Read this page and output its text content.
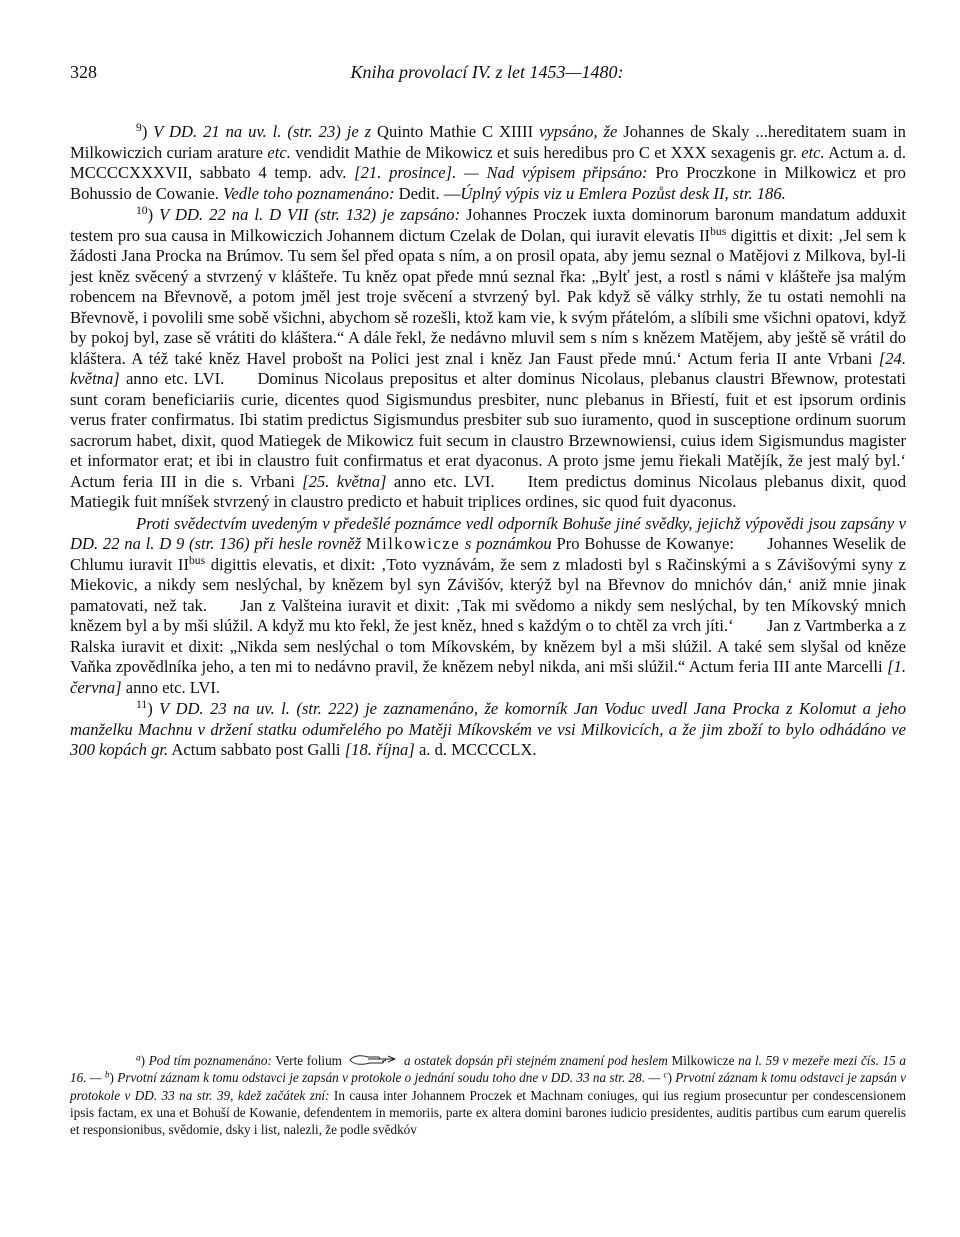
328	Kniha provolací IV. z let 1453—1480:

$^9$) V DD. 21 na uv. l. (str. 23) je z Quinto Mathie C XIIII vypsáno, že Johannes de Skaly ...hereditatem suam in Milkowiczich curiam arature etc. vendidit Mathie de Mikowicz et suis heredibus pro C et XXX sexagenis gr. etc. Actum a. d. MCCCCXXXVII, sabbato 4 temp. adv. [21. prosince]. — Nad výpisem připsáno: Pro Proczkone in Milkowicz et pro Bohussio de Cowanie. Vedle toho poznamenáno: Dedit. —Úplný výpis viz u Emlera Pozůst desk II, str. 186.

$^{10}$) V DD. 22 na l. D VII (str. 132) je zapsáno: Johannes Proczek iuxta dominorum baronum mandatum adduxit testem pro sua causa in Milkowiczich Johannem dictum Czelak de Dolan, qui iuravit elevatis $II^{bus}$ digittis et dixit: ‚Jel sem k žádosti Jana Procka na Brúmov. Tu sem šel před opata s ním, a on prosil opata, aby jemu seznal o Matějovi z Milkova, byl-li jest kněz svěcený a stvrzený v klášteře. Tu kněz opat přede mnú seznal řka: „Bylť jest, a rostl s námi v klášteře jsa malým robencem na Břevnově, a potom jměl jest troje svěcení a stvrzený byl. Pak když sě války strhly, že tu ostati nemohli na Břevnově, i povolili sme sobě všichni, abychom sě rozešli, ktož kam vie, k svým přátelóm, a slíbili sme všichni opatovi, když by pokoj byl, zase sě vrátiti do kláštera.“ A dále řekl, že nedávno mluvil sem s ním s knězem Matějem, aby ještě sě vrátil do kláštera. A též také kněz Havel probošt na Polici jest znal i kněz Jan Faust přede mnú.‘ Actum feria II ante Vrbani [24. května] anno etc. LVI.   Dominus Nicolaus prepositus et alter dominus Nicolaus, plebanus claustri Břewnow, protestati sunt coram beneficiariis curie, dicentes quod Sigismundus presbiter, nunc plebanus in Břiestí, fuit et est ipsorum ordinis verus frater confirmatus. Ibi statim predictus Sigismundus presbiter sub suo iuramento, quod in susceptione ordinum suorum sacrorum habet, dixit, quod Matiegek de Mikowicz fuit secum in claustro Brzewnowiensi, cuius idem Sigismundus magister et informator erat; et ibi in claustro fuit confirmatus et erat dyaconus. A proto jsme jemu řiekali Matějík, že jest malý byl.‘ Actum feria III in die s. Vrbani [25. května] anno etc. LVI.   Item predictus dominus Nicolaus plebanus dixit, quod Matiegik fuit mníšek stvrzený in claustro predicto et habuit triplices ordines, sic quod fuit dyaconus.

Proti svědectvím uvedeným v předešlé poznámce vedl odporník Bohuše jiné svědky, jejichž výpovědi jsou zapsány v DD. 22 na l. D 9 (str. 136) při hesle rovněž Milkowicze s poznámkou Pro Bohusse de Kowanye:   Johannes Weselik de Chlumu iuravit $II^{bus}$ digittis elevatis, et dixit: ‚Toto vyznávám, že sem z mladosti byl s Račinskými a s Závišovými syny z Miekovic, a nikdy sem neslýchal, by knězem byl syn Závišóv, kterýž byl na Břevnov do mnichóv dán,‘ aniž mnie jinak pamatovati, než tak.   Jan z Valšteina iuravit et dixit: ‚Tak mi svědomo a nikdy sem neslýchal, by ten Míkovský mnich knězem byl a by mši slúžil. A když mu kto řekl, že jest kněz, hned s každým o to chtěl za vrch jíti.‘   Jan z Vartmberka a z Ralska iuravit et dixit: „Nikda sem neslýchal o tom Míkovském, by knězem byl a mši slúžil. A také sem slyšal od kněze Vaňka zpovědlníka jeho, a ten mi to nedávno pravil, že knězem nebyl nikda, ani mši slúžil.“ Actum feria III ante Marcelli [1. června] anno etc. LVI.

$^{11}$) V DD. 23 na uv. l. (str. 222) je zaznamenáno, že komorník Jan Voduc uvedl Jana Procka z Kolomut a jeho manželku Machnu v držení statku odumřelého po Matěji Míkovském ve vsi Milkovicích, a že jim zboží to bylo odhádáno ve 300 kopách gr. Actum sabbato post Galli [18. října] a. d. MCCCCLX.

$^a$) Pod tím poznamenáno: Verte folium	a ostatek dopsán při stejném znamení pod heslem Milkowicze na l. 59 v mezeře mezi čís. 15 a 16. — $^b$) Prvotní záznam k tomu odstavci je zapsán v protokole o jednání soudu toho dne v DD. 33 na str. 28. — $^c$) Prvotní záznam k tomu odstavci je zapsán v protokole v DD. 33 na str. 39, kdež začátek zní: In causa inter Johannem Proczek et Machnam coniuges, qui ius regium prosecuntur per condescensionem ipsis factam, ex una et Bohuší de Kowanie, defendentem in memoriis, parte ex altera domini barones iudicio presidentes, auditis partibus cum earum querelis et responsionibus, svědomie, dsky i list, nalezli, že podle svědkóv
